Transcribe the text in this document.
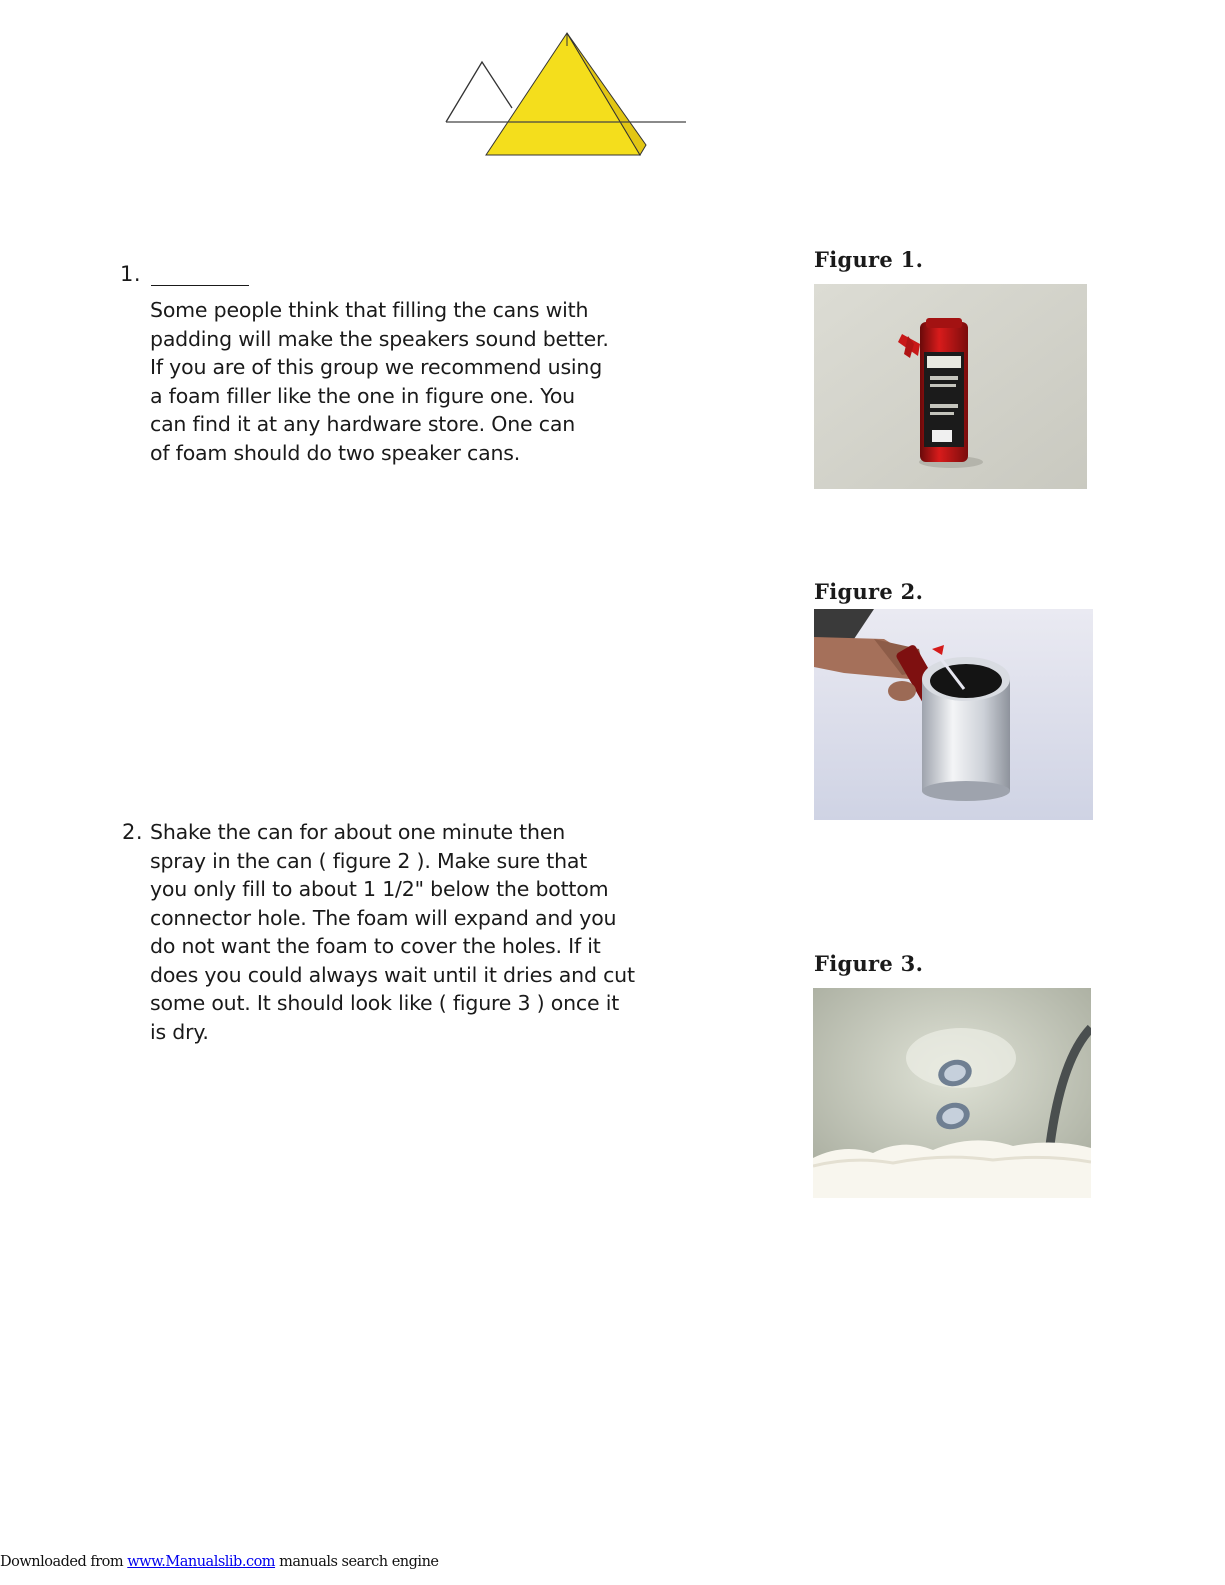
1.
Some people think that filling the cans with
padding will make the speakers sound better.
If you are of this group we recommend using
a foam filler like the one in figure one. You
can find it at any hardware store. One can
of foam should do two speaker cans.
2. Shake the can for about one minute then
spray in the can ( figure 2 ). Make sure that
you only fill to about 1 1/2" below the bottom
connector hole. The foam will expand and you
do not want the foam to cover the holes. If it
does you could always wait until it dries and cut
some out. It should look like ( figure 3 ) once it
is dry.
Figure 1.
Figure 2.
Figure 3.
Downloaded from www.Manualslib.com manuals search engine
